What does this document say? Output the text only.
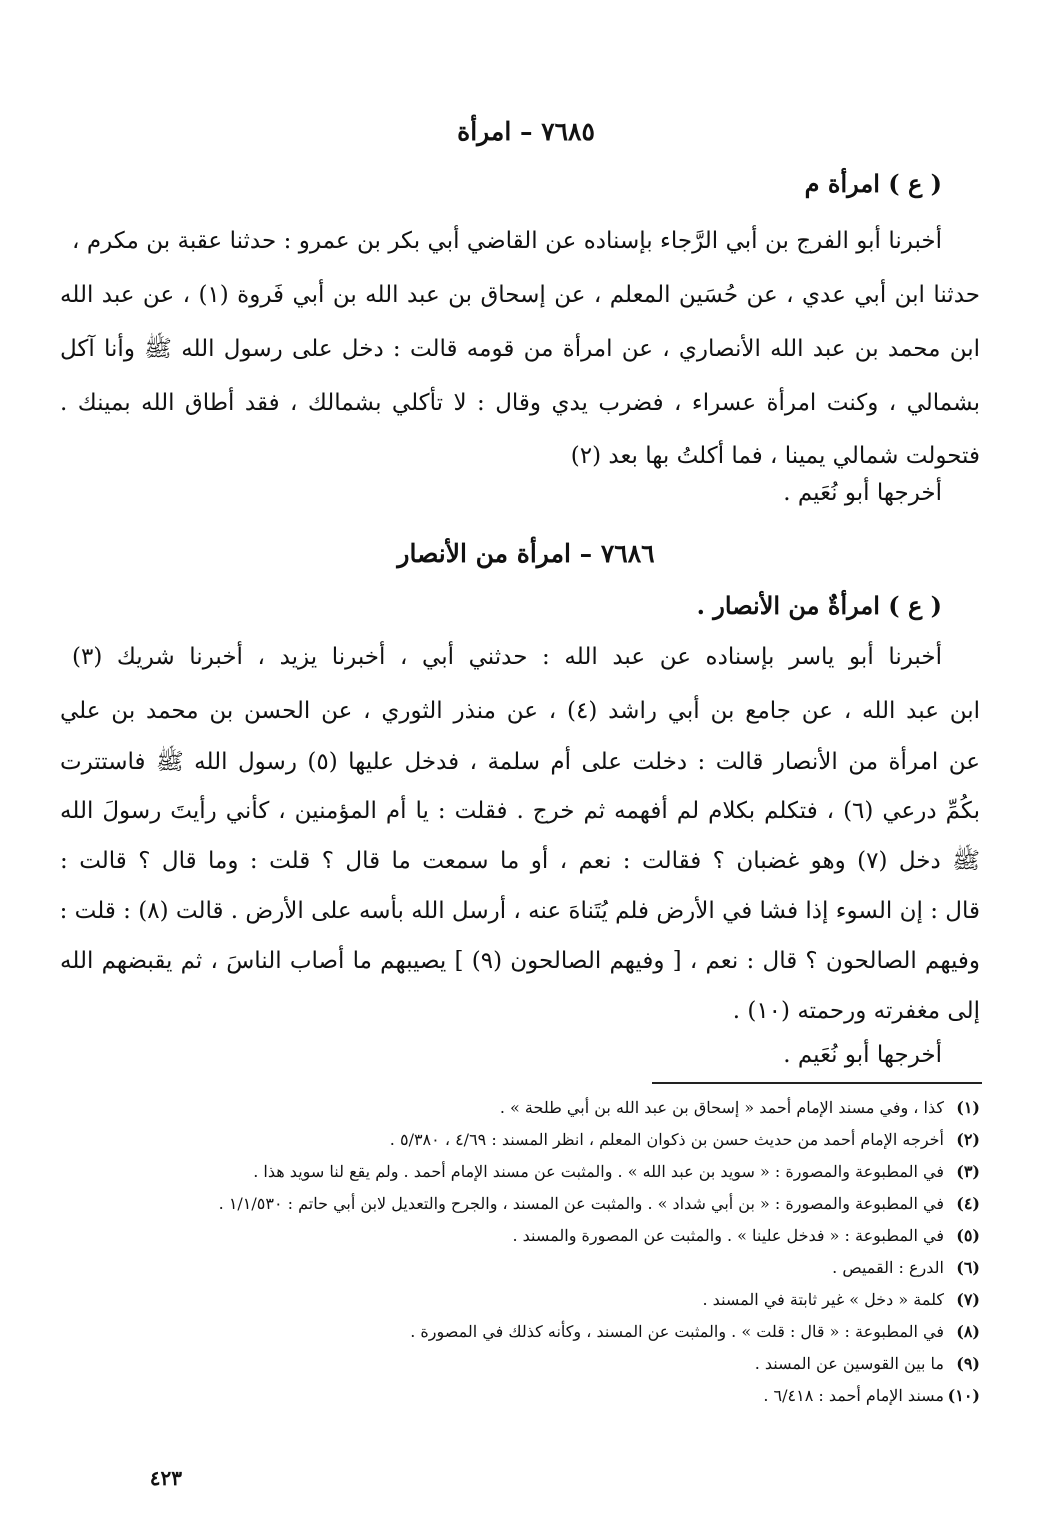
٧٦٨٥ – امرأة
( ع ) امرأة م
أخبرنا أبو الفرج بن أبي الرَّجاء بإسناده عن القاضي أبي بكر بن عمرو : حدثنا عقبة بن مكرم ،
حدثنا ابن أبي عدي ، عن حُسَين المعلم ، عن إسحاق بن عبد الله بن أبي فَروة (١) ، عن عبد الله
ابن محمد بن عبد الله الأنصاري ، عن امرأة من قومه قالت : دخل على رسول الله ﷺ وأنا آكل
بشمالي ، وكنت امرأة عسراء ، فضرب يدي وقال : لا تأكلي بشمالك ، فقد أطاق الله بمينك .
فتحولت شمالي يمينا ، فما أكلتُ بها بعد (٢)
أخرجها أبو نُعَيم .
٧٦٨٦ – امرأة من الأنصار
( ع ) امرأةٌ من الأنصار .
أخبرنا أبو ياسر بإسناده عن عبد الله : حدثني أبي ، أخبرنا يزيد ، أخبرنا شريك (٣)
ابن عبد الله ، عن جامع بن أبي راشد (٤) ، عن منذر الثوري ، عن الحسن بن محمد بن علي
عن امرأة من الأنصار قالت : دخلت على أم سلمة ، فدخل عليها (٥) رسول الله ﷺ فاستترت
بكُمِّ درعي (٦) ، فتكلم بكلام لم أفهمه ثم خرج . فقلت : يا أم المؤمنين ، كأني رأيتَ رسولَ الله
ﷺ دخل (٧) وهو غضبان ؟ فقالت : نعم ، أو ما سمعت ما قال ؟ قلت : وما قال ؟ قالت :
قال : إن السوء إذا فشا في الأرض فلم يُتَناهَ عنه ، أرسل الله بأسه على الأرض . قالت (٨) : قلت :
وفيهم الصالحون ؟ قال : نعم ، [ وفيهم الصالحون (٩) ] يصيبهم ما أصاب الناسَ ، ثم يقبضهم الله
إلى مغفرته ورحمته (١٠) .
أخرجها أبو نُعَيم .
(١)كذا ، وفي مسند الإمام أحمد « إسحاق بن عبد الله بن أبي طلحة » .
(٢)أخرجه الإمام أحمد من حديث حسن بن ذكوان المعلم ، انظر المسند : ٤/٦٩ ، ٥/٣٨٠ .
(٣)في المطبوعة والمصورة : « سويد بن عبد الله » . والمثبت عن مسند الإمام أحمد . ولم يقع لنا سويد هذا .
(٤)في المطبوعة والمصورة : « بن أبي شداد » . والمثبت عن المسند ، والجرح والتعديل لابن أبي حاتم : ١/١/٥٣٠ .
(٥)في المطبوعة : « فدخل علينا » . والمثبت عن المصورة والمسند .
(٦)الدرع : القميص .
(٧)كلمة « دخل » غير ثابتة في المسند .
(٨)في المطبوعة : « قال : قلت » . والمثبت عن المسند ، وكأنه كذلك في المصورة .
(٩)ما بين القوسين عن المسند .
(١٠)مسند الإمام أحمد : ٦/٤١٨ .
٤٢٣
